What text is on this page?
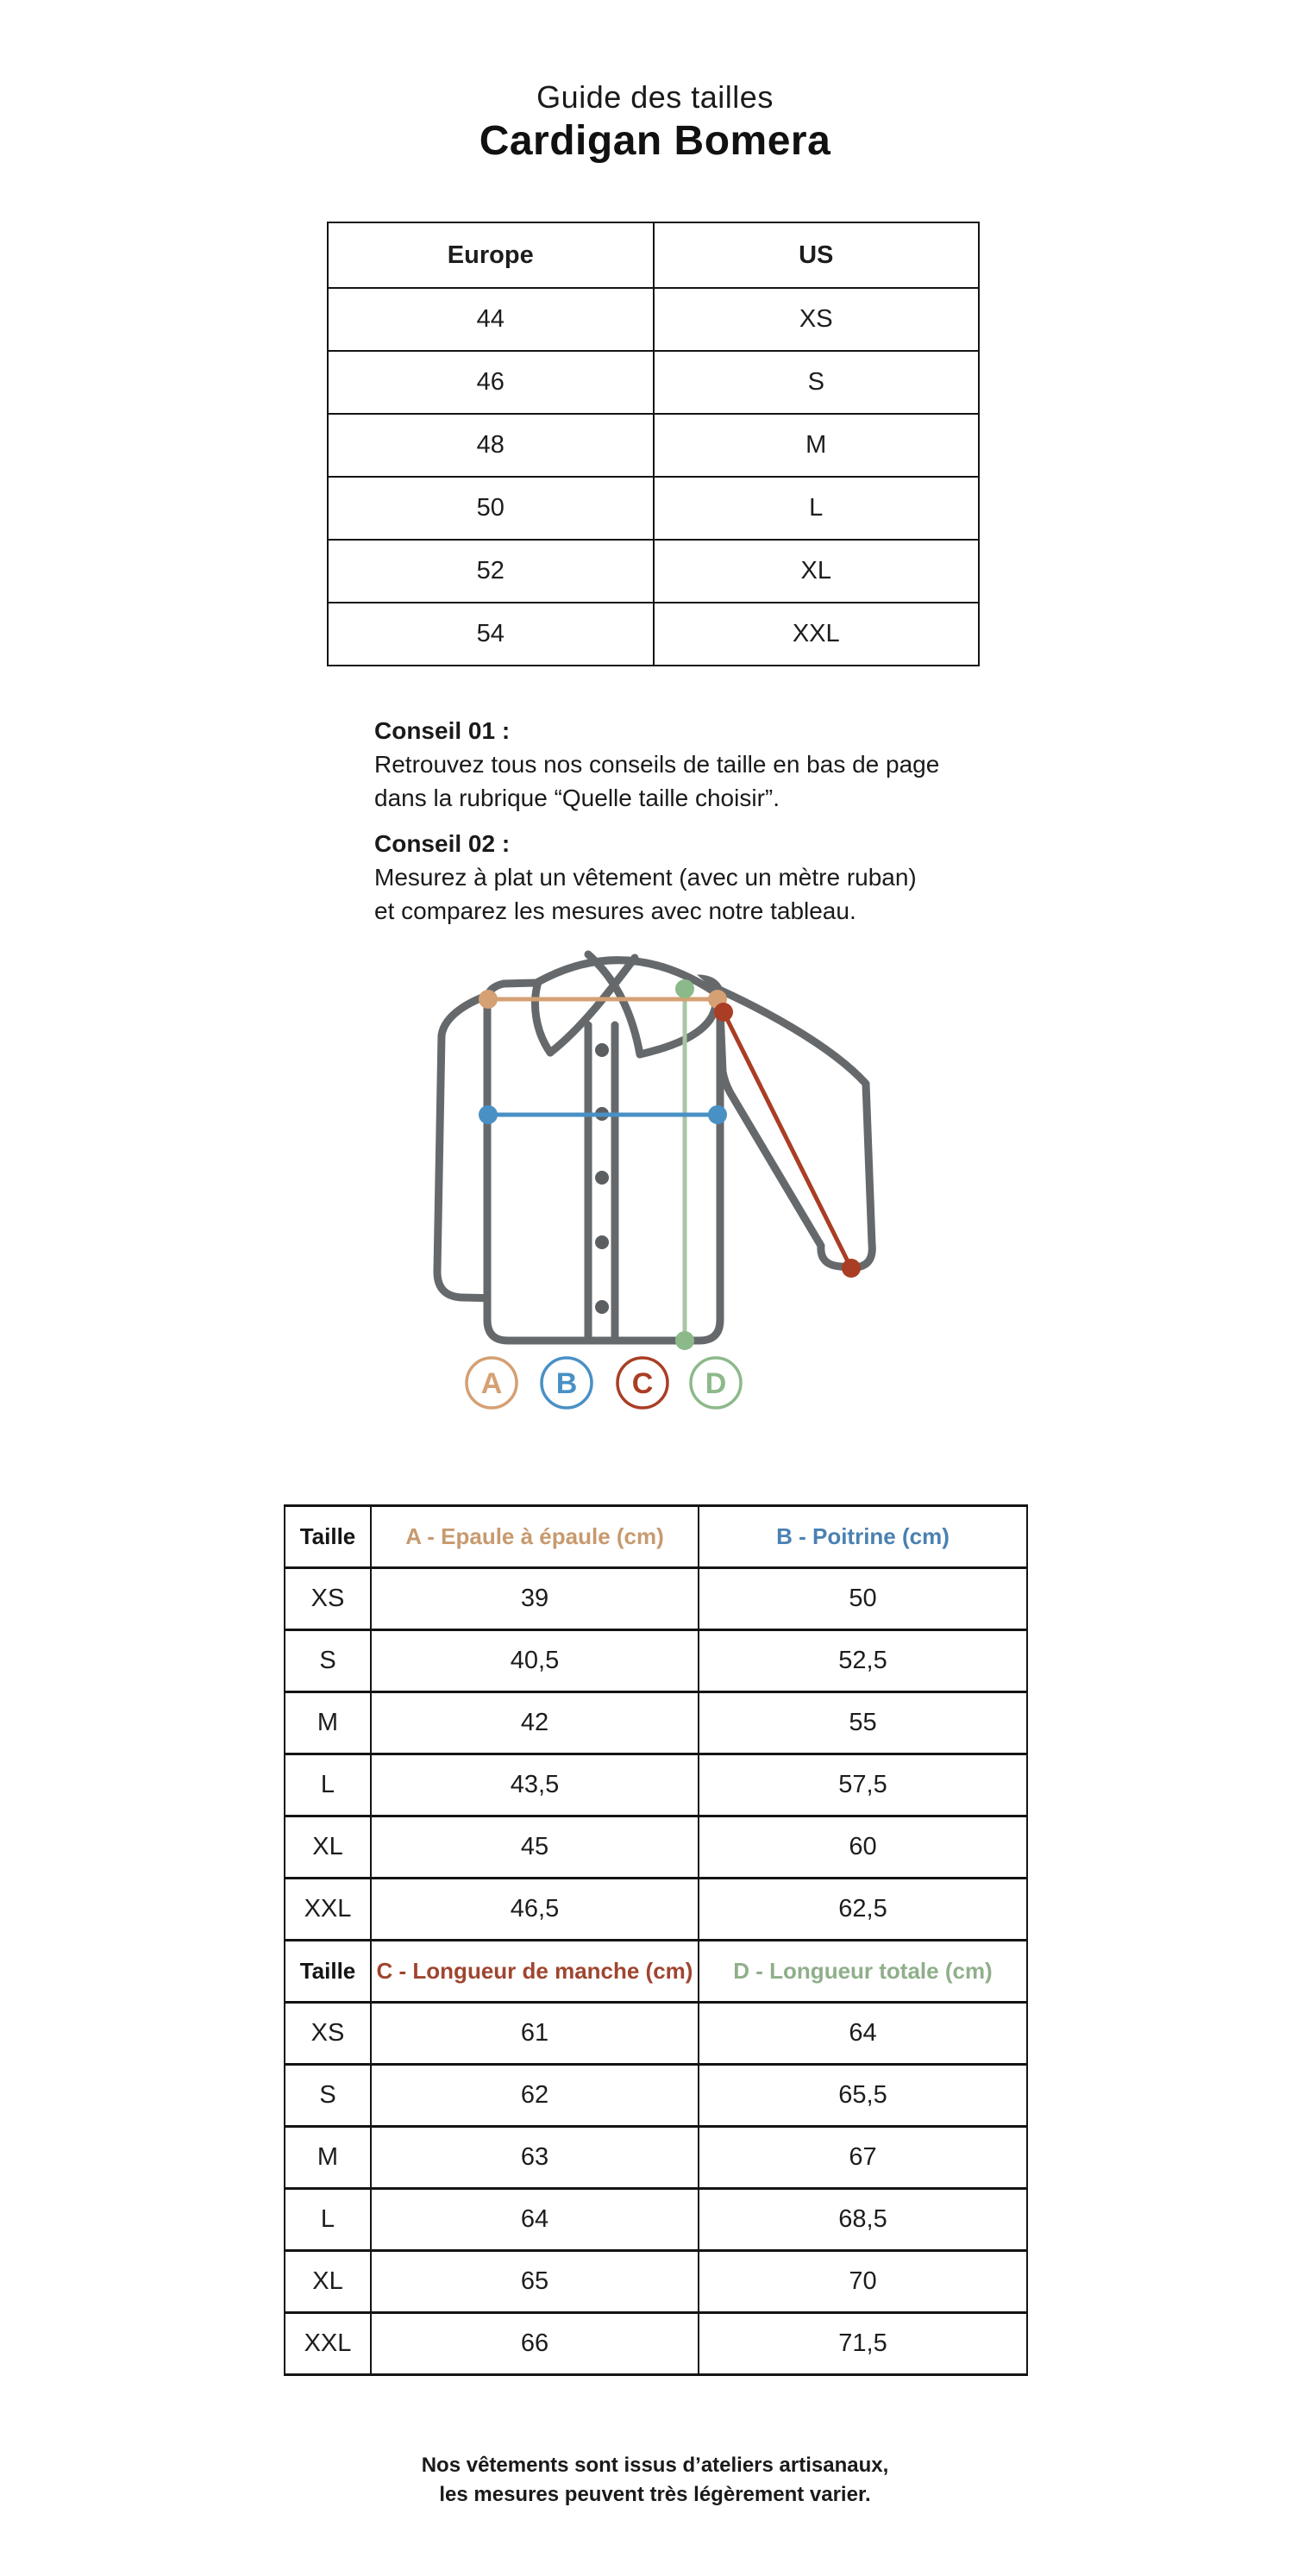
Guide des tailles
Cardigan Bomera
Europe	US
44	XS
46	S
48	M
50	L
52	XL
54	XXL
Conseil 01 :
Retrouvez tous nos conseils de taille en bas de page
dans la rubrique “Quelle taille choisir”.
Conseil 02 :
Mesurez à plat un vêtement (avec un mètre ruban)
et comparez les mesures avec notre tableau.
A B C D
Taille	A - Epaule à épaule (cm)	B - Poitrine (cm)
XS	39	50
S	40,5	52,5
M	42	55
L	43,5	57,5
XL	45	60
XXL	46,5	62,5
Taille	C - Longueur de manche (cm)	D - Longueur totale (cm)
XS	61	64
S	62	65,5
M	63	67
L	64	68,5
XL	65	70
XXL	66	71,5
Nos vêtements sont issus d’ateliers artisanaux,
les mesures peuvent très légèrement varier.
